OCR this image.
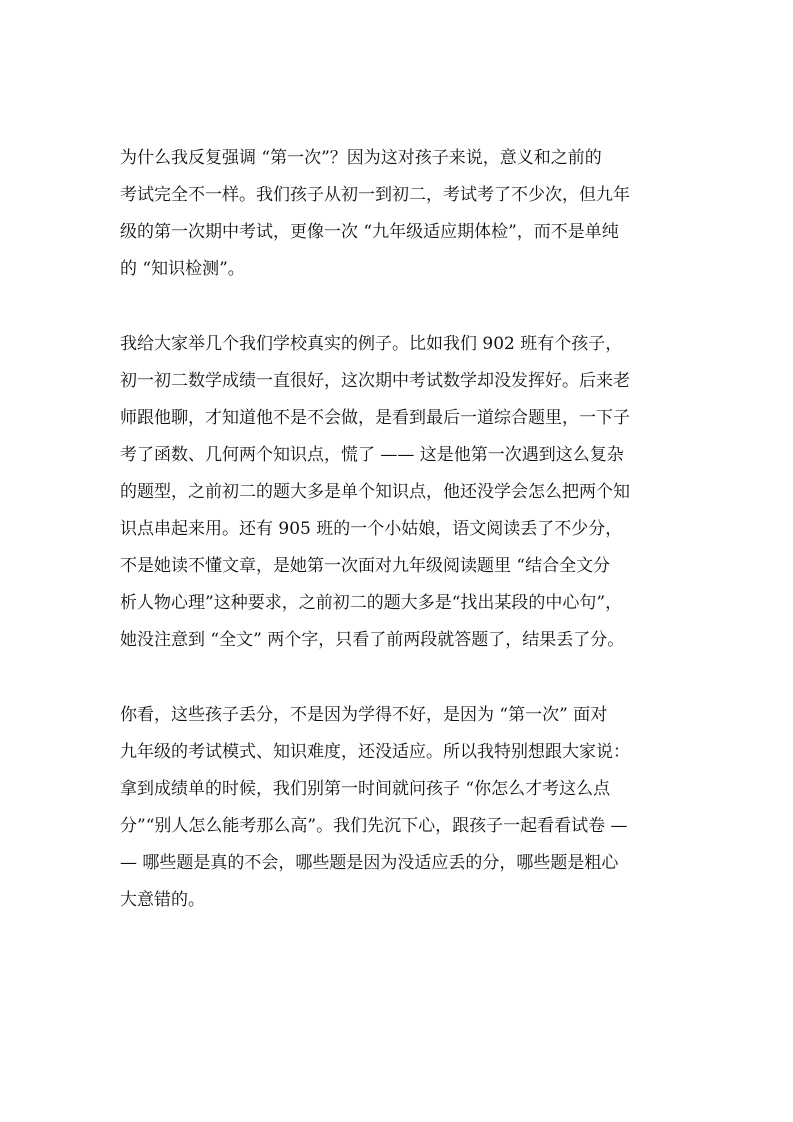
为什么我反复强调 “第一次”？因为这对孩子来说，意义和之前的
考试完全不一样。我们孩子从初一到初二，考试考了不少次，但九年
级的第一次期中考试，更像一次 “九年级适应期体检”，而不是单纯
的 “知识检测”。
我给大家举几个我们学校真实的例子。比如我们 902 班有个孩子，
初一初二数学成绩一直很好，这次期中考试数学却没发挥好。后来老
师跟他聊，才知道他不是不会做，是看到最后一道综合题里，一下子
考了函数、几何两个知识点，慌了 —— 这是他第一次遇到这么复杂
的题型，之前初二的题大多是单个知识点，他还没学会怎么把两个知
识点串起来用。还有 905 班的一个小姑娘，语文阅读丢了不少分，
不是她读不懂文章，是她第一次面对九年级阅读题里 “结合全文分
析人物心理”这种要求，之前初二的题大多是“找出某段的中心句”，
她没注意到 “全文” 两个字，只看了前两段就答题了，结果丢了分。
你看，这些孩子丢分，不是因为学得不好，是因为 “第一次” 面对
九年级的考试模式、知识难度，还没适应。所以我特别想跟大家说：
拿到成绩单的时候，我们别第一时间就问孩子 “你怎么才考这么点
分”“别人怎么能考那么高”。我们先沉下心，跟孩子一起看看试卷 —
— 哪些题是真的不会，哪些题是因为没适应丢的分，哪些题是粗心
大意错的。
